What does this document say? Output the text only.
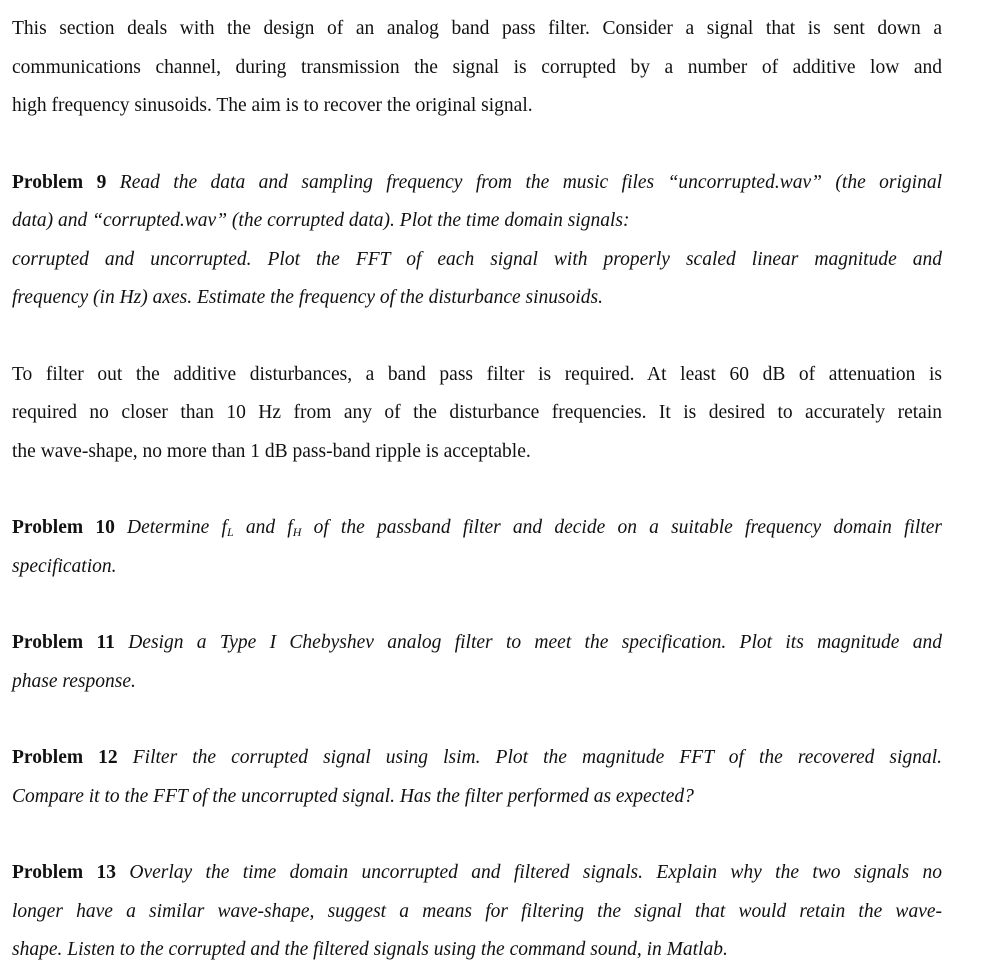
This section deals with the design of an analog band pass filter. Consider a signal that is sent down a
communications channel, during transmission the signal is corrupted by a number of additive low and
high frequency sinusoids. The aim is to recover the original signal.

Problem 9 Read the data and sampling frequency from the music files “uncorrupted.wav” (the original
data) and “corrupted.wav” (the corrupted data). Plot the time domain signals:
corrupted and uncorrupted. Plot the FFT of each signal with properly scaled linear magnitude and
frequency (in Hz) axes. Estimate the frequency of the disturbance sinusoids.

To filter out the additive disturbances, a band pass filter is required. At least 60 dB of attenuation is
required no closer than 10 Hz from any of the disturbance frequencies. It is desired to accurately retain
the wave-shape, no more than 1 dB pass-band ripple is acceptable.

Problem 10 Determine $f_L$ and $f_H$ of the passband filter and decide on a suitable frequency domain filter
specification.

Problem 11 Design a Type I Chebyshev analog filter to meet the specification. Plot its magnitude and
phase response.

Problem 12 Filter the corrupted signal using lsim. Plot the magnitude FFT of the recovered signal.
Compare it to the FFT of the uncorrupted signal. Has the filter performed as expected?

Problem 13 Overlay the time domain uncorrupted and filtered signals. Explain why the two signals no
longer have a similar wave-shape, suggest a means for filtering the signal that would retain the wave-
shape. Listen to the corrupted and the filtered signals using the command sound, in Matlab.
